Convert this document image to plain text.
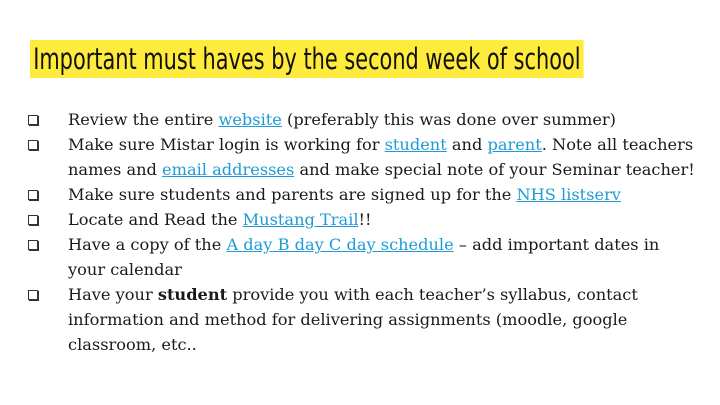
Important must haves by the second week of school
Review the entire website (preferably this was done over summer)
Make sure Mistar login is working for student and parent. Note all teachers names and email addresses and make special note of your Seminar teacher!
Make sure students and parents are signed up for the NHS listserv
Locate and Read the Mustang Trail!!
Have a copy of the A day B day C day schedule – add important dates in your calendar
Have your student provide you with each teacher’s syllabus, contact information and method for delivering assignments (moodle, google classroom, etc..
